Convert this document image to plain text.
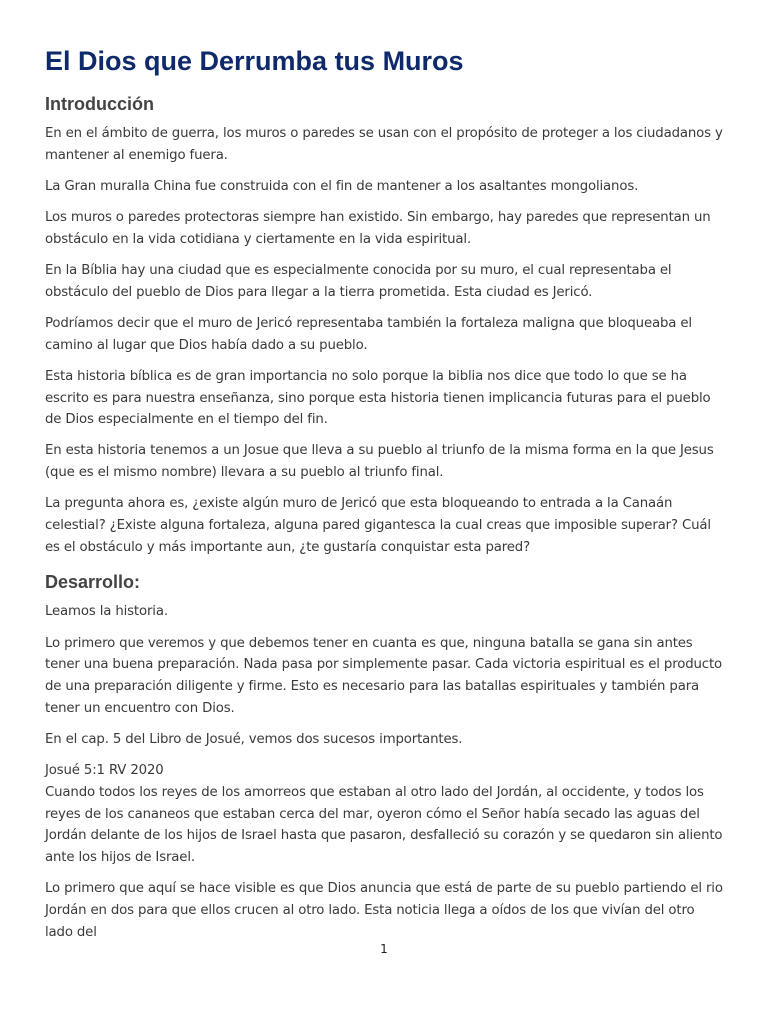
El Dios que Derrumba tus Muros
Introducción

En en el ámbito de guerra, los muros o paredes se usan con el propósito de proteger a los ciudadanos y mantener al enemigo fuera.

La Gran muralla China fue construida con el fin de mantener a los asaltantes mongolianos.

Los muros o paredes protectoras siempre han existido. Sin embargo, hay paredes que representan un obstáculo en la vida cotidiana y ciertamente en la vida espiritual.

En la Bíblia hay una ciudad que es especialmente conocida por su muro, el cual representaba el obstáculo del pueblo de Dios para llegar a la tierra prometida. Esta ciudad es Jericó.

Podríamos decir que el muro de Jericó representaba también la fortaleza maligna que bloqueaba el camino al lugar que Dios había dado a su pueblo.

Esta historia bíblica es de gran importancia no solo porque la biblia nos dice que todo lo que se ha escrito es para nuestra enseñanza, sino porque esta historia tienen implicancia futuras para el pueblo de Dios especialmente en el tiempo del fin.

En esta historia tenemos a un Josue que lleva a su pueblo al triunfo de la misma forma en la que Jesus (que es el mismo nombre) llevara a su pueblo al triunfo final.

La pregunta ahora es, ¿existe algún muro de Jericó que esta bloqueando to entrada a la Canaán celestial? ¿Existe alguna fortaleza, alguna pared gigantesca la cual creas que imposible superar? Cuál es el obstáculo y más importante aun, ¿te gustaría conquistar esta pared?

Desarrollo:

Leamos la historia.

Lo primero que veremos y que debemos tener en cuanta es que, ninguna batalla se gana sin antes tener una buena preparación. Nada pasa por simplemente pasar. Cada victoria espiritual es el producto de una preparación diligente y firme. Esto es necesario para las batallas espirituales y también para tener un encuentro con Dios.

En el cap. 5 del Libro de Josué, vemos dos sucesos importantes.

Josué 5:1 RV 2020
Cuando todos los reyes de los amorreos que estaban al otro lado del Jordán, al occidente, y todos los reyes de los cananeos que estaban cerca del mar, oyeron cómo el Señor había secado las aguas del Jordán delante de los hijos de Israel hasta que pasaron, desfalleció su corazón y se quedaron sin aliento ante los hijos de Israel.

Lo primero que aquí se hace visible es que Dios anuncia que está de parte de su pueblo partiendo el rio Jordán en dos para que ellos crucen al otro lado. Esta noticia llega a oídos de los que vivían del otro lado del

1
